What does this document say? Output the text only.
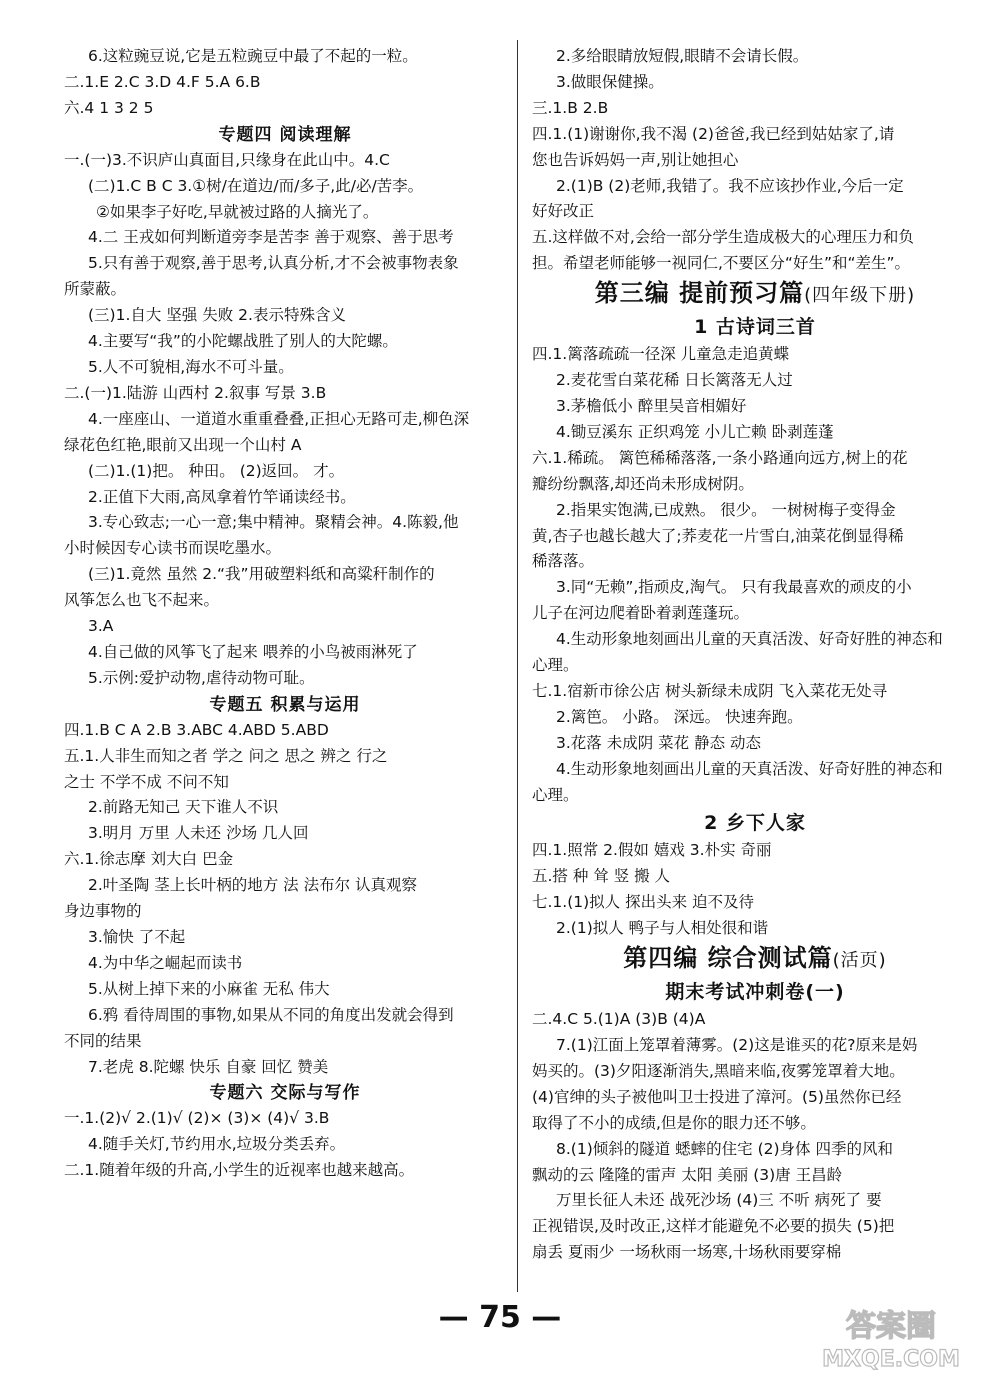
6.这粒豌豆说,它是五粒豌豆中最了不起的一粒。
二.1.E 2.C 3.D 4.F 5.A 6.B
六.4 1 3 2 5
专题四 阅读理解
一.(一)3.不识庐山真面目,只缘身在此山中。4.C
(二)1.C B C 3.①树/在道边/而/多子,此/必/苦李。
②如果李子好吃,早就被过路的人摘光了。
4.二 王戎如何判断道旁李是苦李 善于观察、善于思考
5.只有善于观察,善于思考,认真分析,才不会被事物表象
所蒙蔽。
(三)1.自大 坚强 失败 2.表示特殊含义
4.主要写“我”的小陀螺战胜了别人的大陀螺。
5.人不可貌相,海水不可斗量。
二.(一)1.陆游 山西村 2.叙事 写景 3.B
4.一座座山、一道道水重重叠叠,正担心无路可走,柳色深
绿花色红艳,眼前又出现一个山村 A
(二)1.(1)把。 种田。 (2)返回。 才。
2.正值下大雨,高凤拿着竹竿诵读经书。
3.专心致志;一心一意;集中精神。聚精会神。4.陈毅,他
小时候因专心读书而误吃墨水。
(三)1.竟然 虽然 2.“我”用破塑料纸和高粱秆制作的
风筝怎么也飞不起来。
3.A
4.自己做的风筝飞了起来 喂养的小鸟被雨淋死了
5.示例:爱护动物,虐待动物可耻。
专题五 积累与运用
四.1.B C A 2.B 3.ABC 4.ABD 5.ABD
五.1.人非生而知之者 学之 问之 思之 辨之 行之
之士 不学不成 不问不知
2.前路无知己 天下谁人不识
3.明月 万里 人未还 沙场 几人回
六.1.徐志摩 刘大白 巴金
2.叶圣陶 茎上长叶柄的地方 法 法布尔 认真观察
身边事物的
3.愉快 了不起
4.为中华之崛起而读书
5.从树上掉下来的小麻雀 无私 伟大
6.鸦 看待周围的事物,如果从不同的角度出发就会得到
不同的结果
7.老虎 8.陀螺 快乐 自豪 回忆 赞美
专题六 交际与写作
一.1.(2)√ 2.(1)√ (2)× (3)× (4)√ 3.B
4.随手关灯,节约用水,垃圾分类丢弃。
二.1.随着年级的升高,小学生的近视率也越来越高。
2.多给眼睛放短假,眼睛不会请长假。
3.做眼保健操。
三.1.B 2.B
四.1.(1)谢谢你,我不渴 (2)爸爸,我已经到姑姑家了,请
您也告诉妈妈一声,别让她担心
2.(1)B (2)老师,我错了。我不应该抄作业,今后一定
好好改正
五.这样做不对,会给一部分学生造成极大的心理压力和负
担。希望老师能够一视同仁,不要区分“好生”和“差生”。
第三编 提前预习篇(四年级下册)
1 古诗词三首
四.1.篱落疏疏一径深 儿童急走追黄蝶
2.麦花雪白菜花稀 日长篱落无人过
3.茅檐低小 醉里吴音相媚好
4.锄豆溪东 正织鸡笼 小儿亡赖 卧剥莲蓬
六.1.稀疏。 篱笆稀稀落落,一条小路通向远方,树上的花
瓣纷纷飘落,却还尚未形成树阴。
2.指果实饱满,已成熟。 很少。 一树树梅子变得金
黄,杏子也越长越大了;荞麦花一片雪白,油菜花倒显得稀
稀落落。
3.同“无赖”,指顽皮,淘气。 只有我最喜欢的顽皮的小
儿子在河边爬着卧着剥莲蓬玩。
4.生动形象地刻画出儿童的天真活泼、好奇好胜的神态和
心理。
七.1.宿新市徐公店 树头新绿未成阴 飞入菜花无处寻
2.篱笆。 小路。 深远。 快速奔跑。
3.花落 未成阴 菜花 静态 动态
4.生动形象地刻画出儿童的天真活泼、好奇好胜的神态和
心理。
2 乡下人家
四.1.照常 2.假如 嬉戏 3.朴实 奇丽
五.搭 种 耸 竖 搬 人
七.1.(1)拟人 探出头来 迫不及待
2.(1)拟人 鸭子与人相处很和谐
第四编 综合测试篇(活页)
期末考试冲刺卷(一)
二.4.C 5.(1)A (3)B (4)A
7.(1)江面上笼罩着薄雾。(2)这是谁买的花?原来是妈
妈买的。(3)夕阳逐渐消失,黑暗来临,夜雾笼罩着大地。
(4)官绅的头子被他叫卫士投进了漳河。(5)虽然你已经
取得了不小的成绩,但是你的眼力还不够。
8.(1)倾斜的隧道 蟋蟀的住宅 (2)身体 四季的风和
飘动的云 隆隆的雷声 太阳 美丽 (3)唐 王昌龄
万里长征人未还 战死沙场 (4)三 不听 病死了 要
正视错误,及时改正,这样才能避免不必要的损失 (5)把
扇丢 夏雨少 一场秋雨一场寒,十场秋雨要穿棉
— 75 —	答案圈
MXQE.COM
